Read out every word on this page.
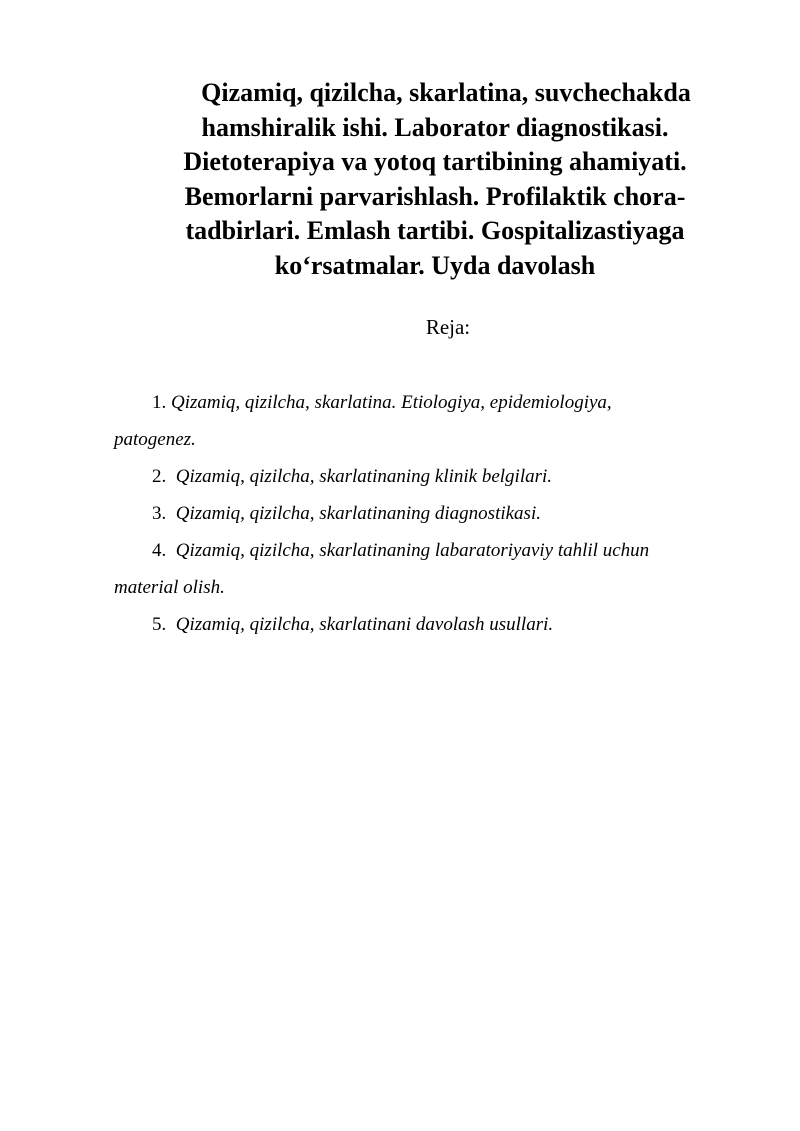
Qizamiq, qizilcha, skarlatina, suvchechakda
hamshiralik ishi. Laborator diagnostikasi.
Dietoterapiya va yotoq tartibining ahamiyati.
Bemorlarni parvarishlash. Profilaktik chora-
tadbirlari. Emlash tartibi. Gospitalizastiyaga
ko‘rsatmalar. Uyda davolash

Reja:

1. Qizamiq, qizilcha, skarlatina. Etiologiya, epidemiologiya,

patogenez.

2. Qizamiq, qizilcha, skarlatinaning klinik belgilari.

3. Qizamiq, qizilcha, skarlatinaning diagnostikasi.

4. Qizamiq, qizilcha, skarlatinaning labaratoriyaviy tahlil uchun

material olish.

5. Qizamiq, qizilcha, skarlatinani davolash usullari.
